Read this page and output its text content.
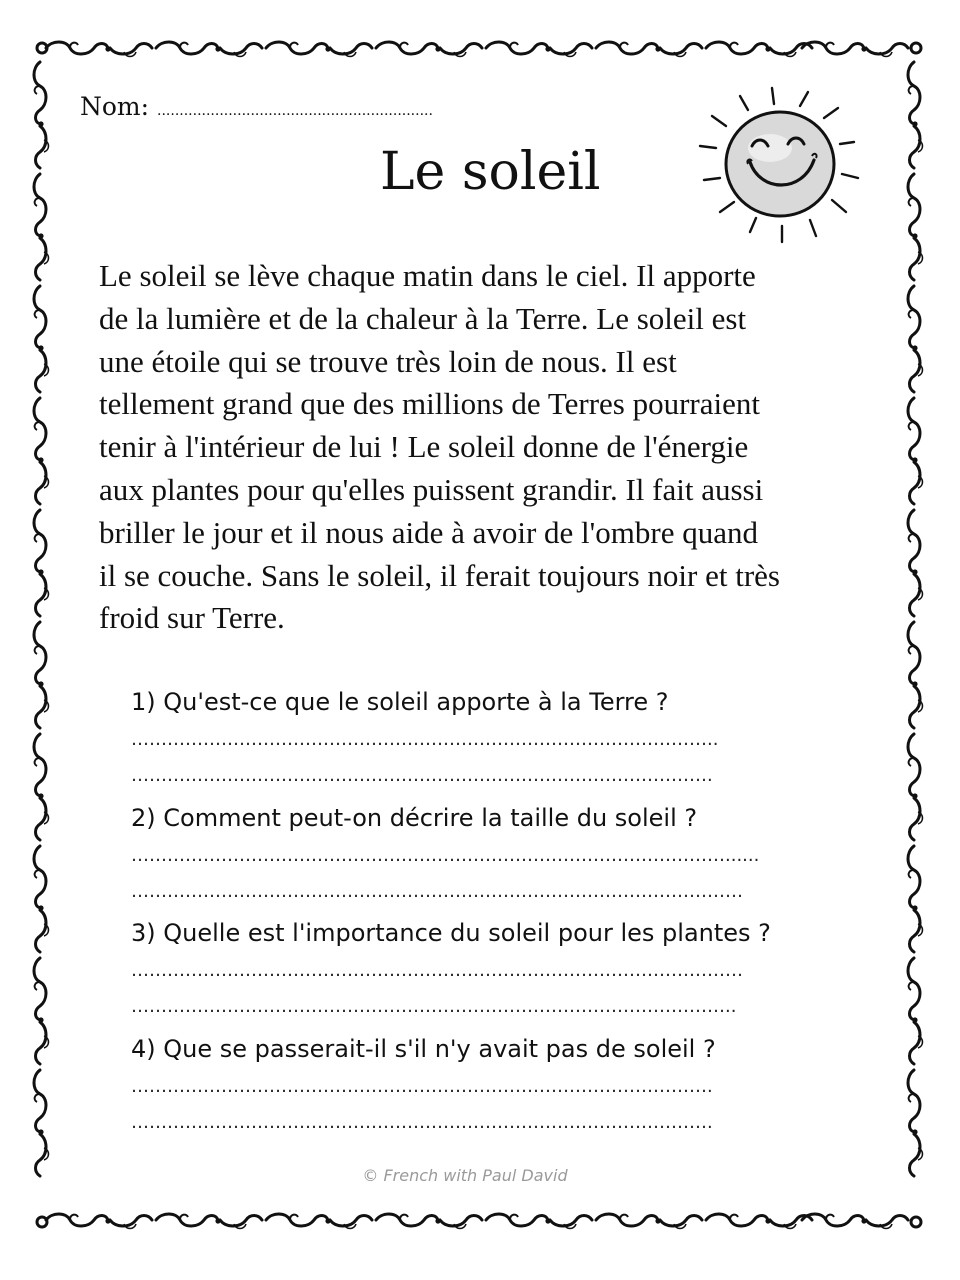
Nom: ..............................................................
Le soleil

Le soleil se lève chaque matin dans le ciel. Il apporte
de la lumière et de la chaleur à la Terre. Le soleil est
une étoile qui se trouve très loin de nous. Il est
tellement grand que des millions de Terres pourraient
tenir à l'intérieur de lui ! Le soleil donne de l'énergie
aux plantes pour qu'elles puissent grandir. Il fait aussi
briller le jour et il nous aide à avoir de l'ombre quand
il se couche. Sans le soleil, il ferait toujours noir et très
froid sur Terre.

1) Qu'est-ce que le soleil apporte à la Terre ?
……………………………………………………………………………………..
…………………………………………………………………………………….
2) Comment peut-on décrire la taille du soleil ?
………………………………………………………………………………………......
…………………………………………………………………………………………
3) Quelle est l'importance du soleil pour les plantes ?
…………………………………………………………………………………………
………………………………………………………………………………………..
4) Que se passerait-il s'il n'y avait pas de soleil ?
…………………………………………………………………………………….
…………………………………………………………………………………….
© French with Paul David
